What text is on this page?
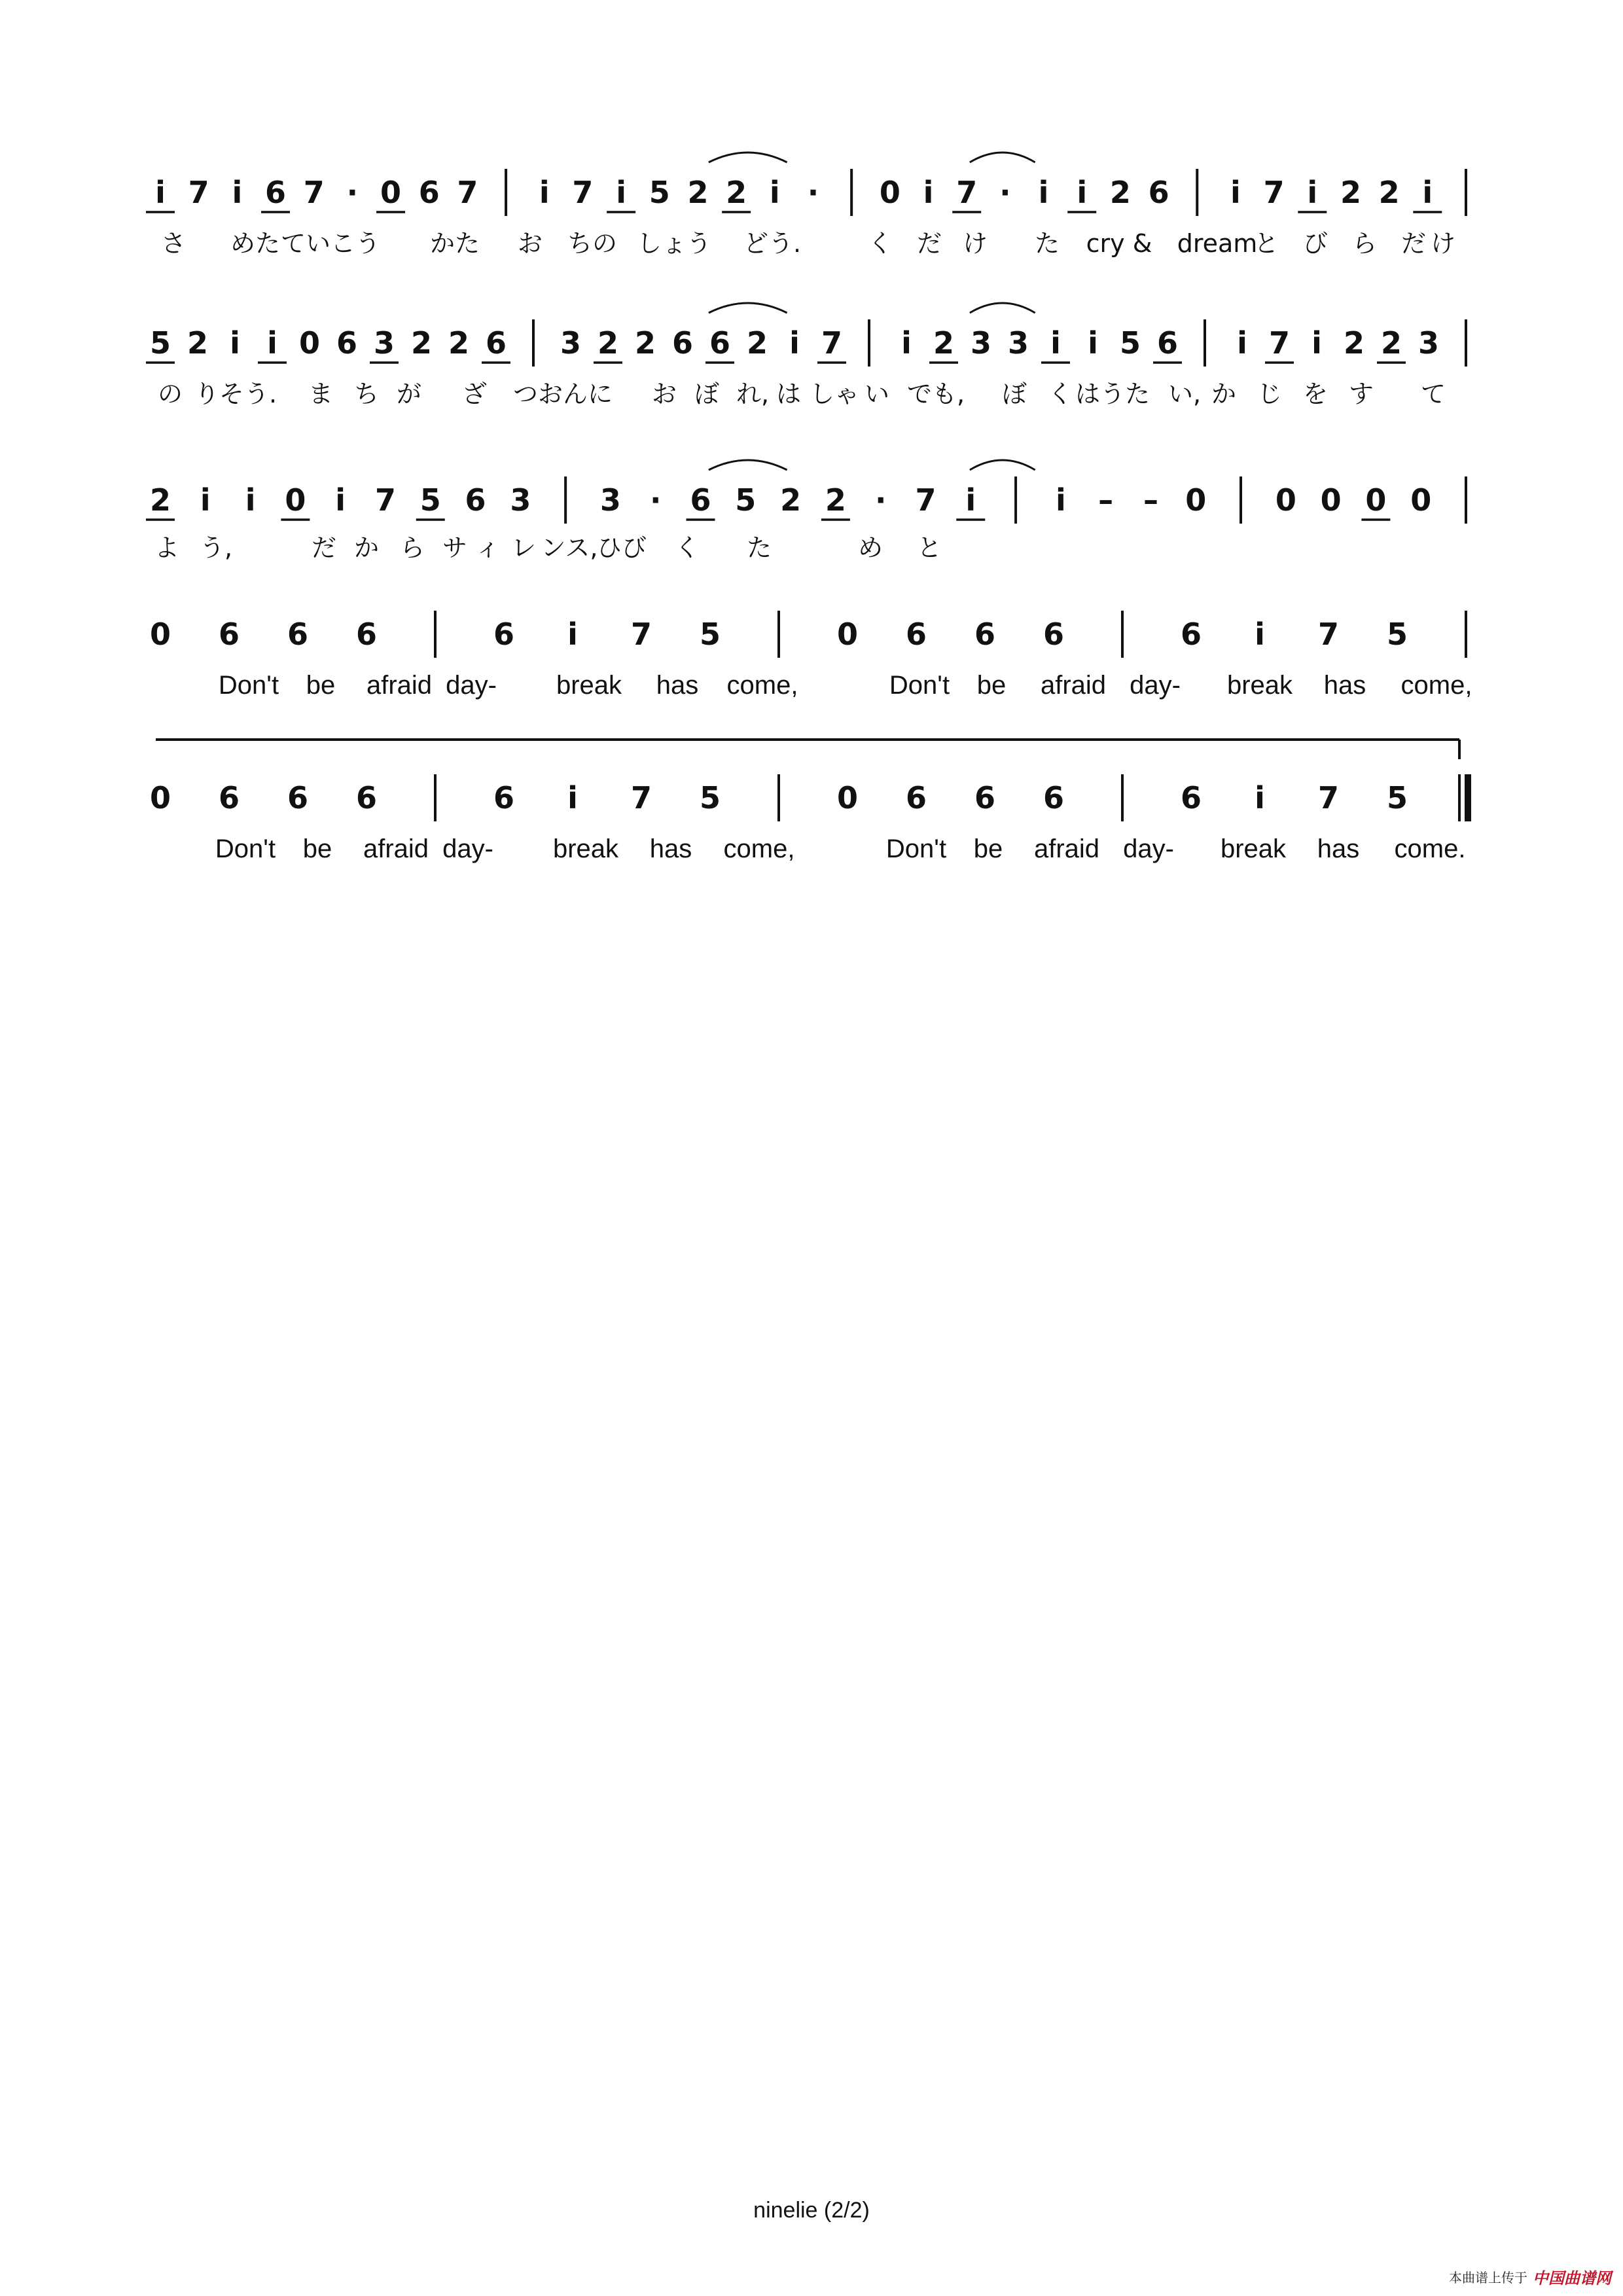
i 7 i 6 7 · 0 6 7 i 7 i 5 2 2 i · 0 i 7 · i i 2 6 i 7 i 2 2 i
さ めた ていこう かた お ちの しょう どう.	く だ け た cry & dream
と び ら だ け
5 2 i i 0 6 3 2 2 6 3 2 2 6 6 2 i 7 i 2 3 3 i i 5 6 i 7 i 2 2 3
の りそう. ま ち が ざ つおんに お ぼ れ, は しゃ い でも, ぼ く はうた い, か じ を す て
2 i i 0 i 7 5 6 3 3 · 6 5 2 2 · 7 i	i – – 0 0 0 0 0
よ う,	だ か ら サ ィ レ ンス,
ひび く た	め と
0 6 6 6	6 i 7 5	0 6 6 6	6 i 7 5
Don't be afraid day- break has come,	Don't be afraid day- break has come,
0 6 6 6	6 i 7 5	0 6 6 6	6 i 7 5
Don't be afraid day- break has come,	Don't be afraid day- break has come.
ninelie (2/2)
本曲谱上传于 中国曲谱网
